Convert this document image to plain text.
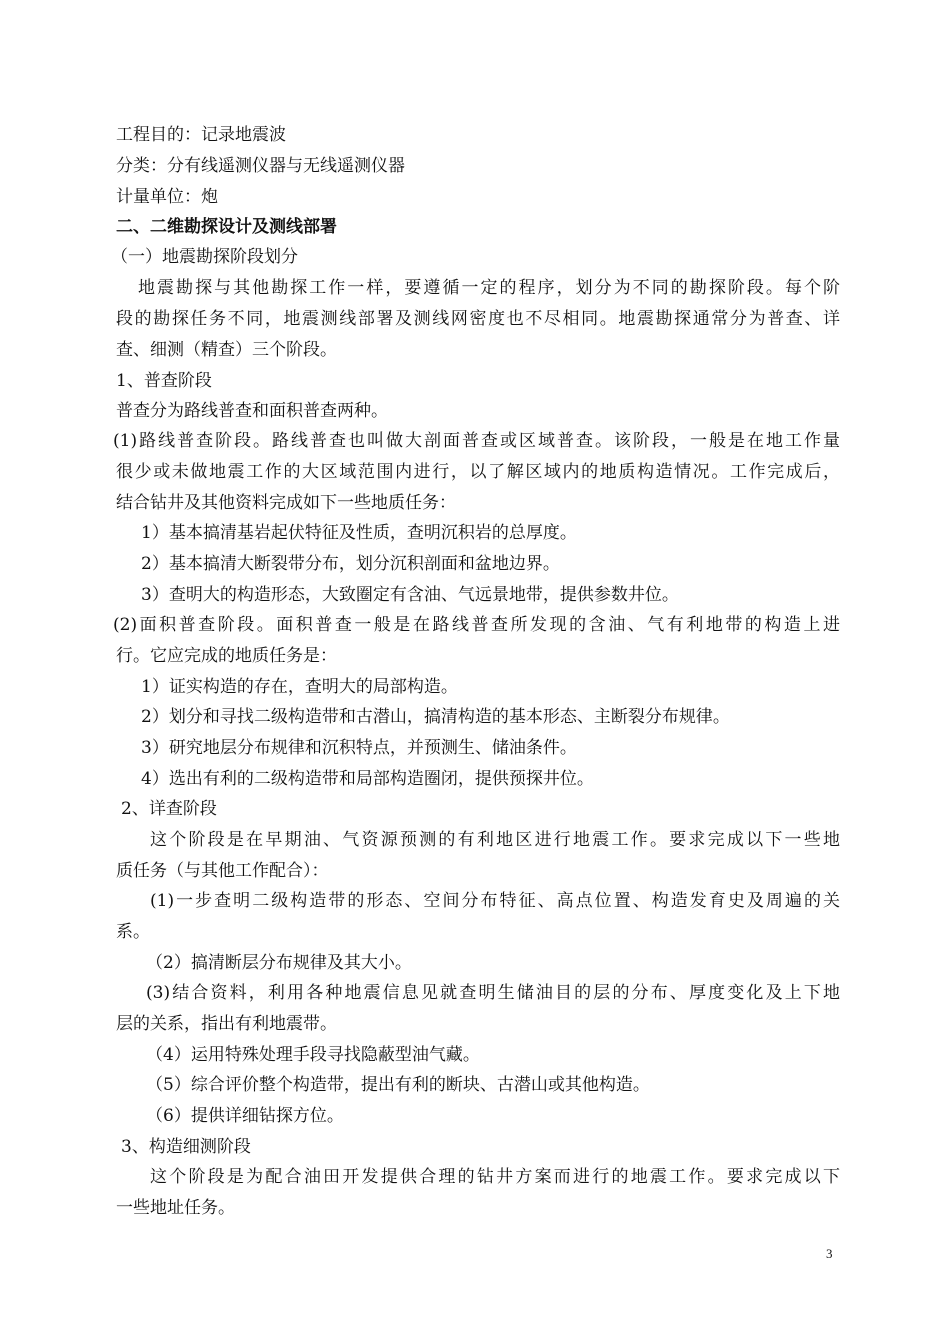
工程目的：记录地震波
分类：分有线遥测仪器与无线遥测仪器
计量单位：炮
二、二维勘探设计及测线部署
（一）地震勘探阶段划分
地震勘探与其他勘探工作一样，要遵循一定的程序，划分为不同的勘探阶段。每个阶
段的勘探任务不同，地震测线部署及测线网密度也不尽相同。地震勘探通常分为普查、详
查、细测（精查）三个阶段。
1、普查阶段
普查分为路线普查和面积普查两种。
(1)路线普查阶段。路线普查也叫做大剖面普查或区域普查。该阶段，一般是在地工作量
很少或未做地震工作的大区域范围内进行，以了解区域内的地质构造情况。工作完成后，
结合钻井及其他资料完成如下一些地质任务：
1）基本搞清基岩起伏特征及性质，查明沉积岩的总厚度。
2）基本搞清大断裂带分布，划分沉积剖面和盆地边界。
3）查明大的构造形态，大致圈定有含油、气远景地带，提供参数井位。
(2)面积普查阶段。面积普查一般是在路线普查所发现的含油、气有利地带的构造上进
行。它应完成的地质任务是：
1）证实构造的存在，查明大的局部构造。
2）划分和寻找二级构造带和古潜山，搞清构造的基本形态、主断裂分布规律。
3）研究地层分布规律和沉积特点，并预测生、储油条件。
4）选出有利的二级构造带和局部构造圈闭，提供预探井位。
2、详查阶段
这个阶段是在早期油、气资源预测的有利地区进行地震工作。要求完成以下一些地
质任务（与其他工作配合）：
(1)一步查明二级构造带的形态、空间分布特征、高点位置、构造发育史及周遍的关
系。
（2）搞清断层分布规律及其大小。
(3)结合资料，利用各种地震信息见就查明生储油目的层的分布、厚度变化及上下地
层的关系，指出有利地震带。
（4）运用特殊处理手段寻找隐蔽型油气藏。
（5）综合评价整个构造带，提出有利的断块、古潜山或其他构造。
（6）提供详细钻探方位。
3、构造细测阶段
这个阶段是为配合油田开发提供合理的钻井方案而进行的地震工作。要求完成以下
一些地址任务。
3
